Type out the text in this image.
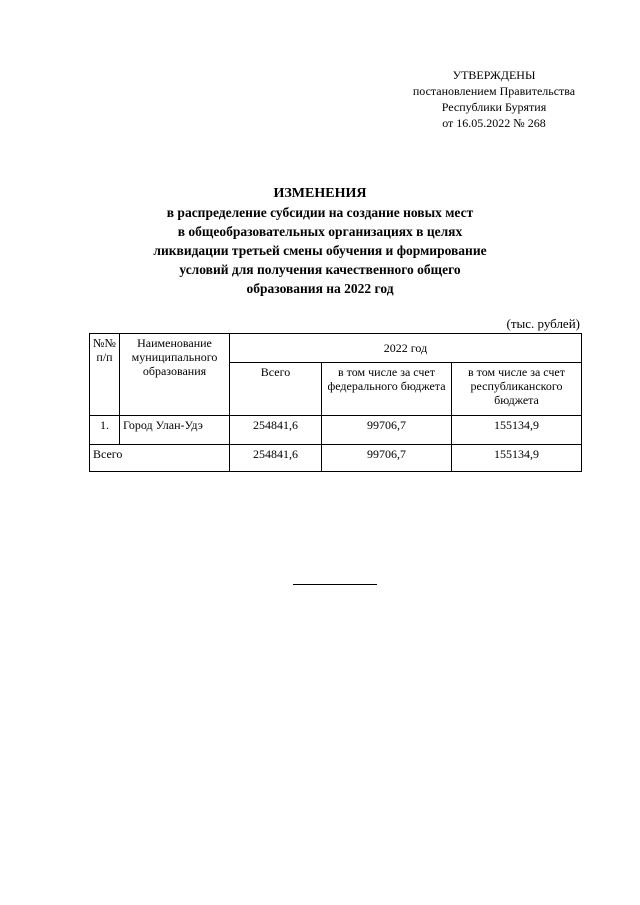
УТВЕРЖДЕНЫ
постановлением Правительства
Республики Бурятия
от 16.05.2022 № 268
ИЗМЕНЕНИЯ
в распределение субсидии на создание новых мест
в общеобразовательных организациях в целях
ликвидации третьей смены обучения и формирование
условий для получения качественного общего
образования на 2022 год
(тыс. рублей)
№№ п/п	Наименование муниципального образования	2022 год		
		Всего	в том числе за счет федерального бюджета	в том числе за счет республиканского бюджета
1.	Город Улан-Удэ	254841,6	99706,7	155134,9
Всего		254841,6	99706,7	155134,9
